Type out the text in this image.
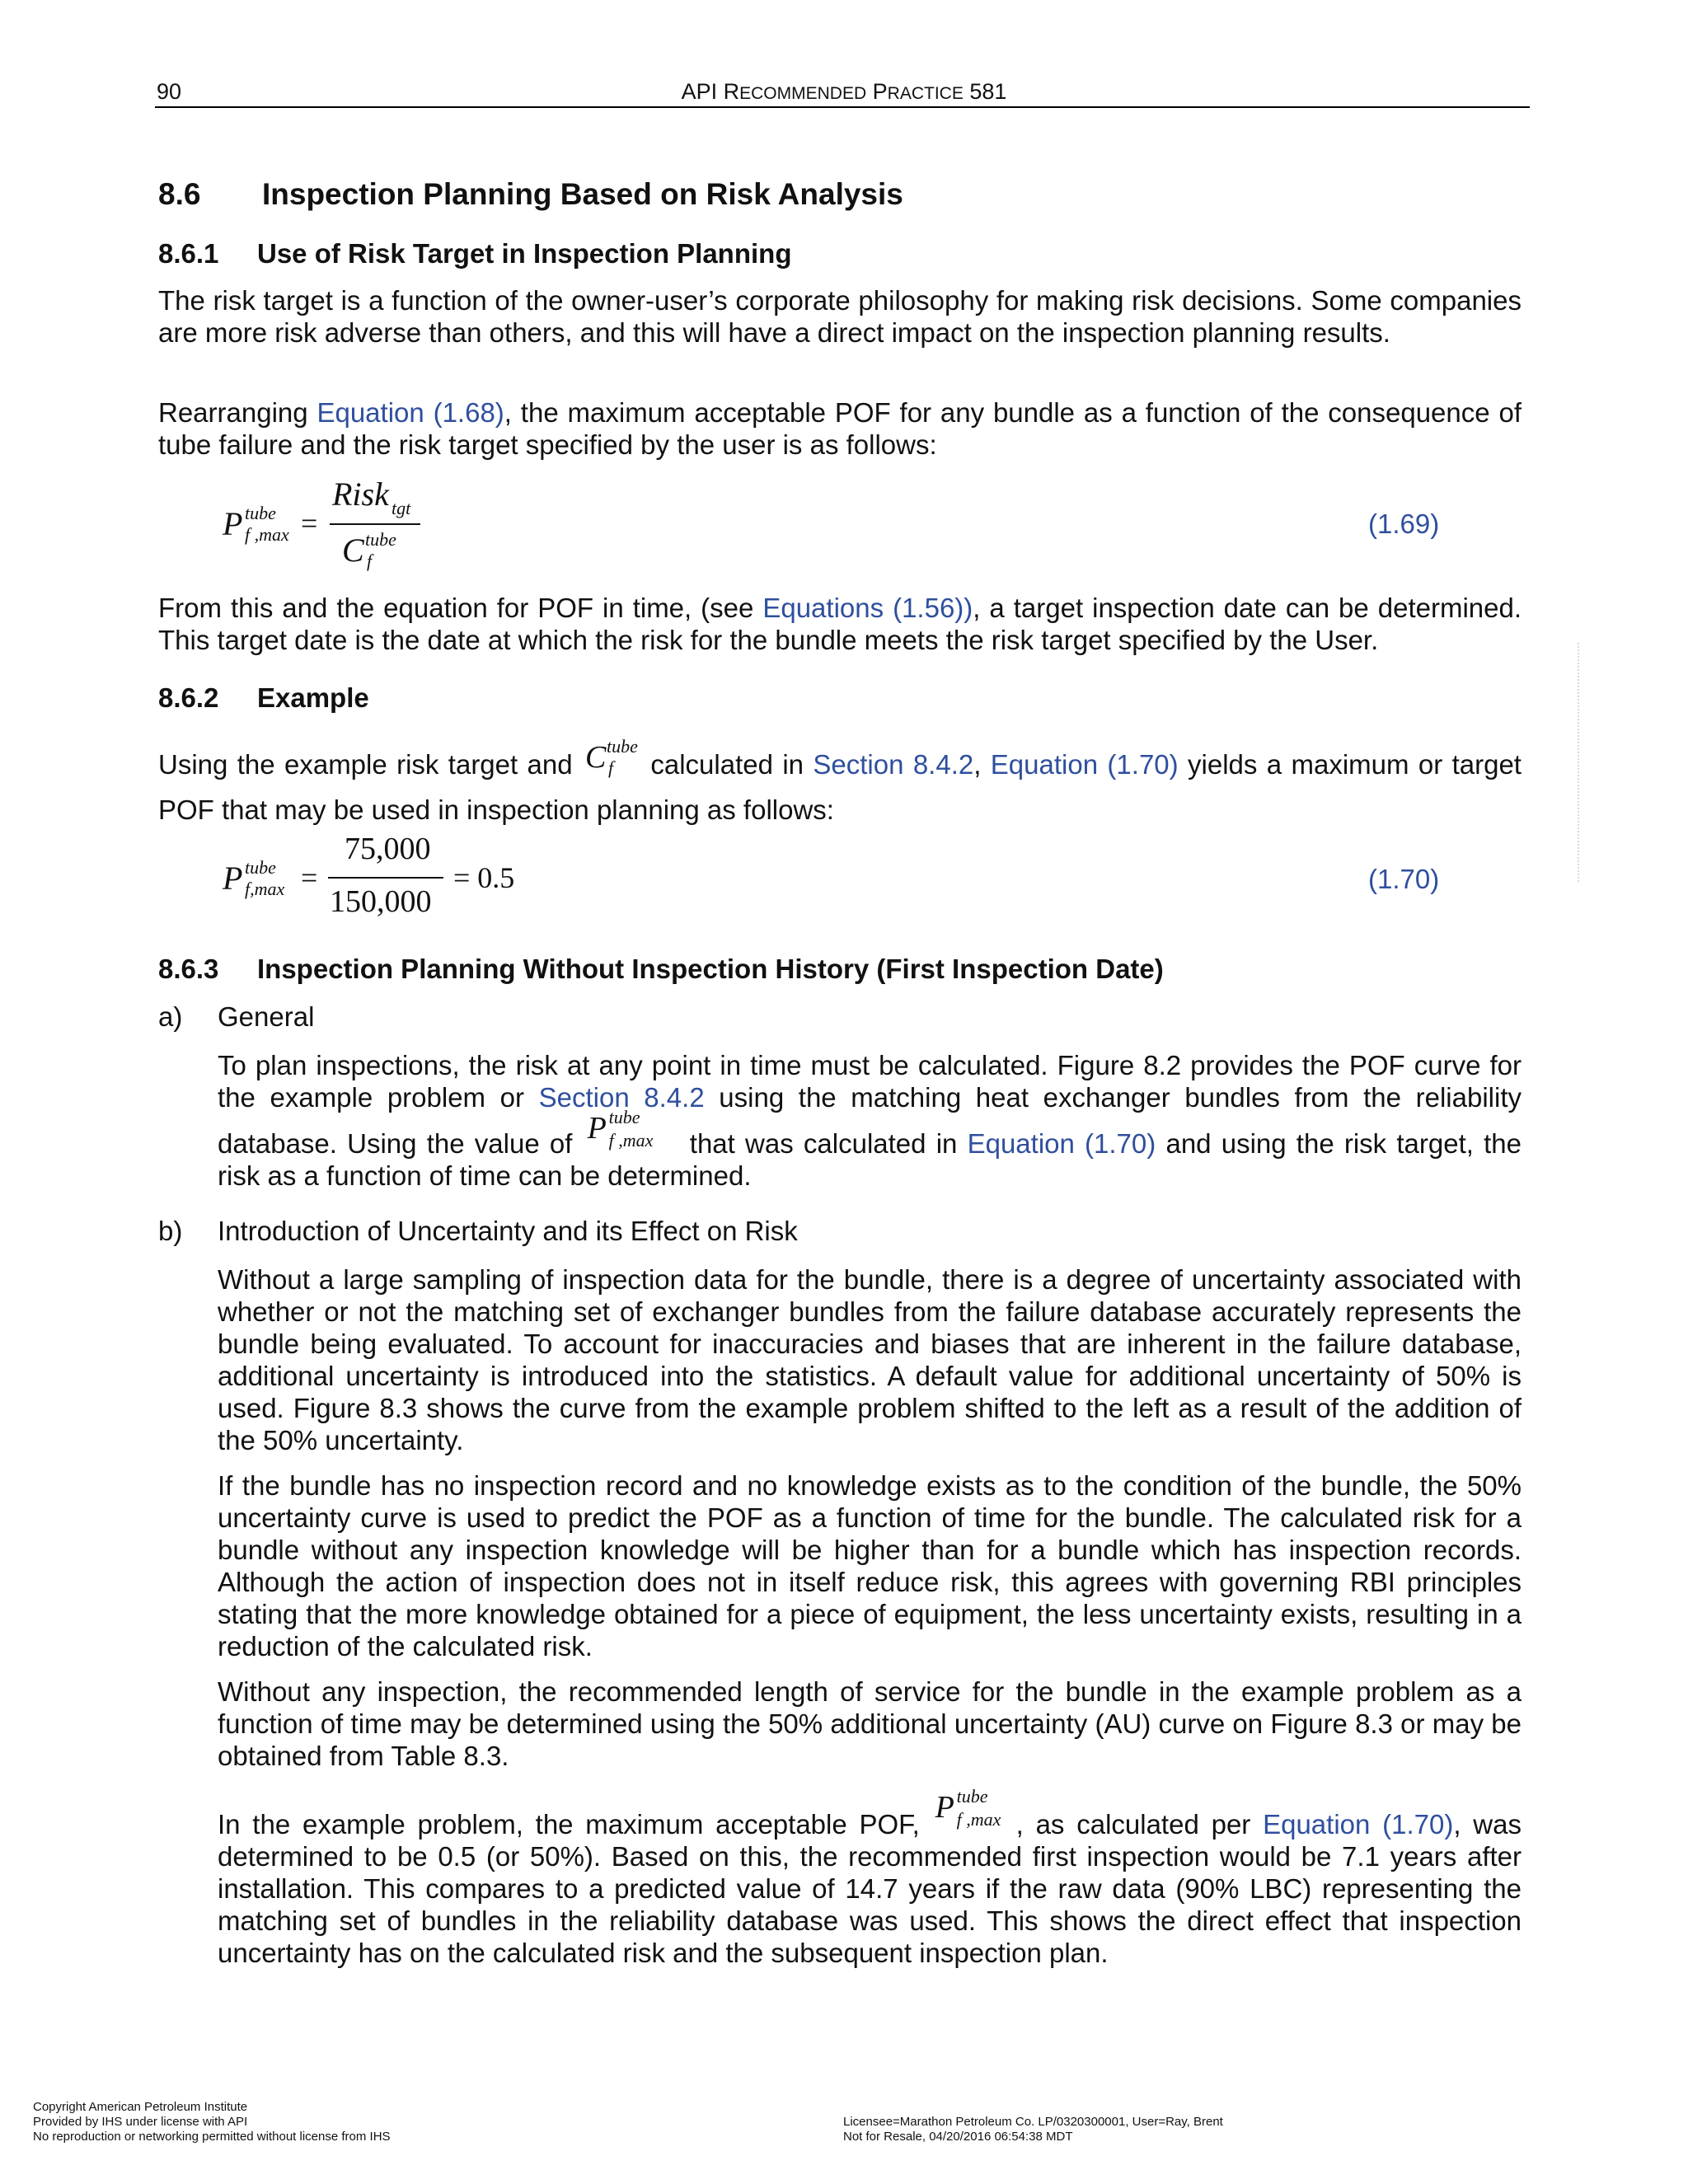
90	API RECOMMENDED PRACTICE 581
8.6 Inspection Planning Based on Risk Analysis
8.6.1 Use of Risk Target in Inspection Planning
The risk target is a function of the owner-user’s corporate philosophy for making risk decisions. Some companies are more risk adverse than others, and this will have a direct impact on the inspection planning results.
Rearranging Equation (1.68), the maximum acceptable POF for any bundle as a function of the consequence of tube failure and the risk target specified by the user is as follows:
P tube
f ,max =
Risk tgt
C tube
f
(1.69)
From this and the equation for POF in time, (see Equations (1.56)), a target inspection date can be determined. This target date is the date at which the risk for the bundle meets the risk target specified by the User.
8.6.2 Example
Using the example risk target and C tube
f calculated in Section 8.4.2, Equation (1.70) yields a maximum or target POF that may be used in inspection planning as follows:
P tube
f,max =
75,000
150,000
= 0.5	(1.70)
8.6.3 Inspection Planning Without Inspection History (First Inspection Date)
a) General
To plan inspections, the risk at any point in time must be calculated. Figure 8.2 provides the POF curve for the example problem or Section 8.4.2 using the matching heat exchanger bundles from the reliability database. Using the value of P tube
f ,max that was calculated in Equation (1.70) and using the risk target, the risk as a function of time can be determined.
b) Introduction of Uncertainty and its Effect on Risk
Without a large sampling of inspection data for the bundle, there is a degree of uncertainty associated with whether or not the matching set of exchanger bundles from the failure database accurately represents the bundle being evaluated. To account for inaccuracies and biases that are inherent in the failure database, additional uncertainty is introduced into the statistics. A default value for additional uncertainty of 50% is used. Figure 8.3 shows the curve from the example problem shifted to the left as a result of the addition of the 50% uncertainty.
If the bundle has no inspection record and no knowledge exists as to the condition of the bundle, the 50% uncertainty curve is used to predict the POF as a function of time for the bundle. The calculated risk for a bundle without any inspection knowledge will be higher than for a bundle which has inspection records. Although the action of inspection does not in itself reduce risk, this agrees with governing RBI principles stating that the more knowledge obtained for a piece of equipment, the less uncertainty exists, resulting in a reduction of the calculated risk.
Without any inspection, the recommended length of service for the bundle in the example problem as a function of time may be determined using the 50% additional uncertainty (AU) curve on Figure 8.3 or may be obtained from Table 8.3.
In the example problem, the maximum acceptable POF, P tube
f ,max , as calculated per Equation (1.70), was determined to be 0.5 (or 50%). Based on this, the recommended first inspection would be 7.1 years after installation. This compares to a predicted value of 14.7 years if the raw data (90% LBC) representing the matching set of bundles in the reliability database was used. This shows the direct effect that inspection uncertainty has on the calculated risk and the subsequent inspection plan.
Copyright American Petroleum Institute
Provided by IHS under license with API
No reproduction or networking permitted without license from IHS
Licensee=Marathon Petroleum Co. LP/0320300001, User=Ray, Brent
Not for Resale, 04/20/2016 06:54:38 MDT
